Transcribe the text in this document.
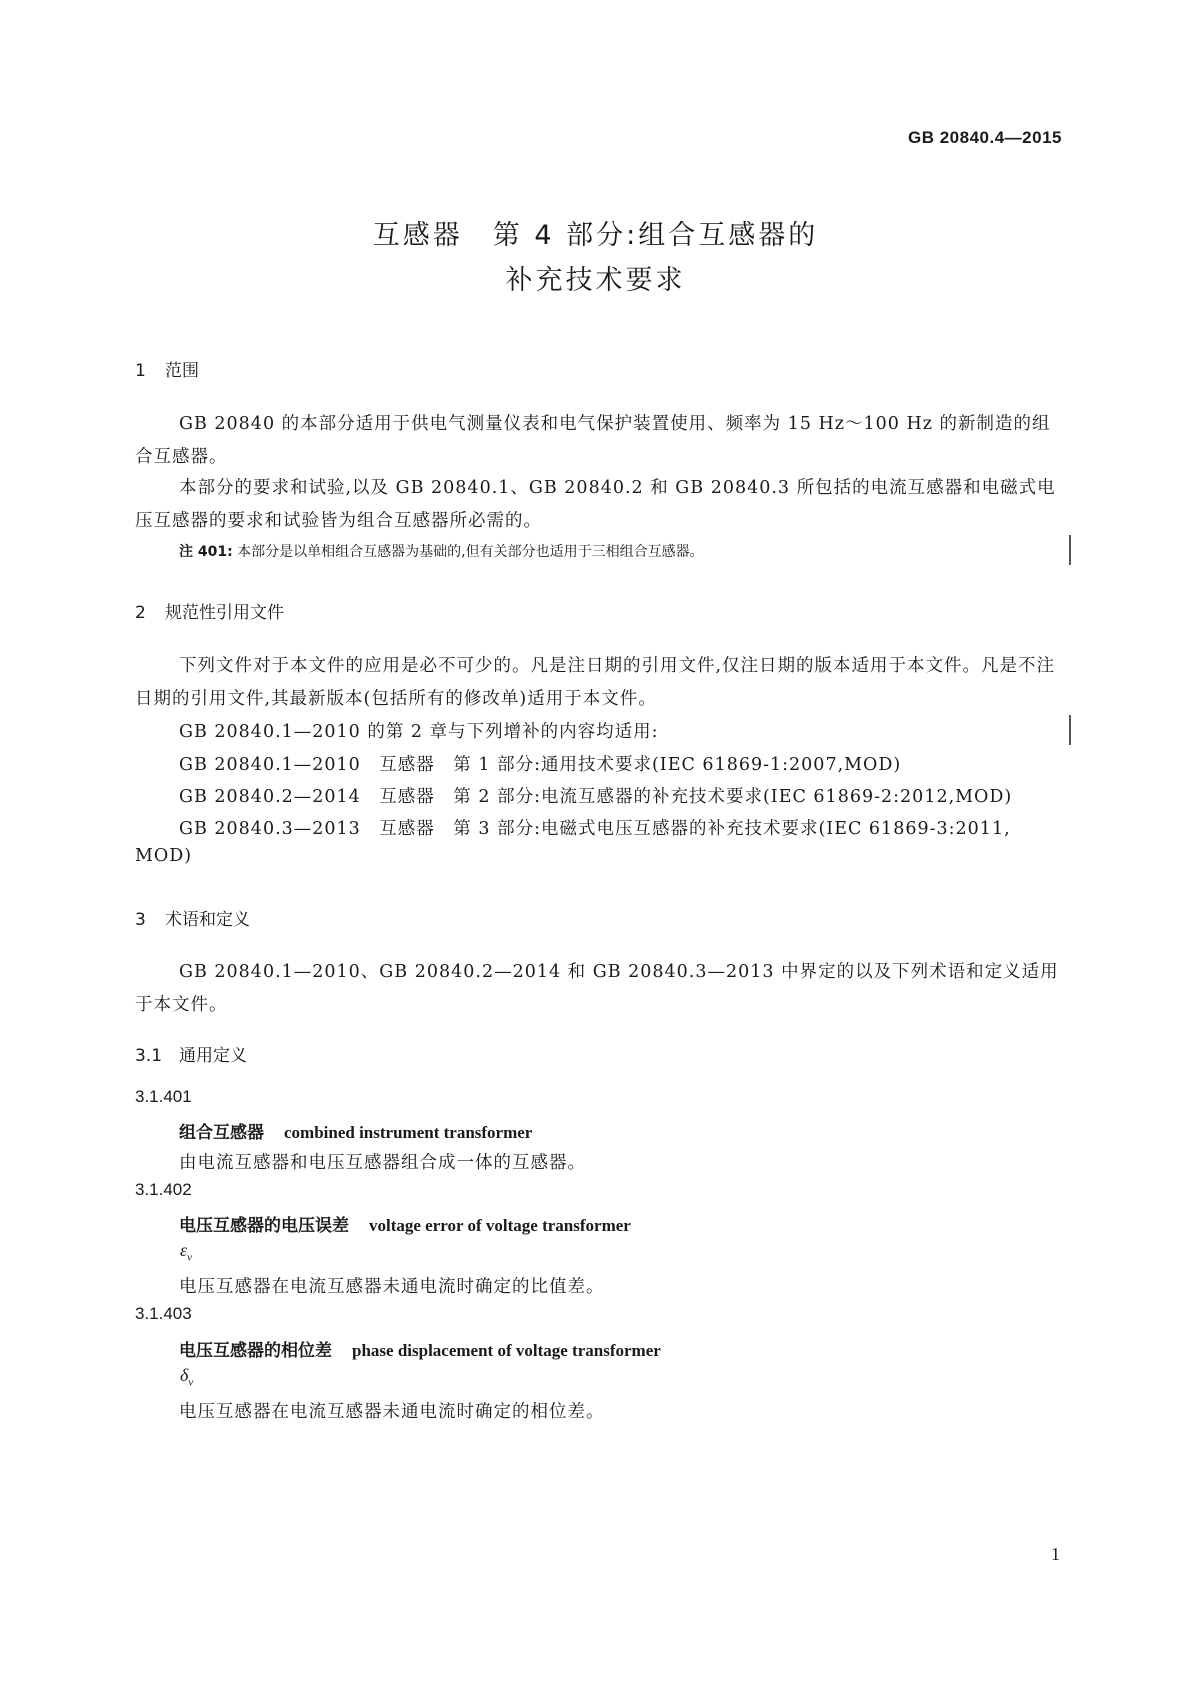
GB 20840.4—2015
互感器　第 4 部分:组合互感器的
补充技术要求
1 范围
GB 20840 的本部分适用于供电气测量仪表和电气保护装置使用、频率为 15 Hz～100 Hz 的新制造的组合互感器。
本部分的要求和试验,以及 GB 20840.1、GB 20840.2 和 GB 20840.3 所包括的电流互感器和电磁式电压互感器的要求和试验皆为组合互感器所必需的。
注 401: 本部分是以单相组合互感器为基础的,但有关部分也适用于三相组合互感器。
2 规范性引用文件
下列文件对于本文件的应用是必不可少的。凡是注日期的引用文件,仅注日期的版本适用于本文件。凡是不注日期的引用文件,其最新版本(包括所有的修改单)适用于本文件。
GB 20840.1—2010 的第 2 章与下列增补的内容均适用:
GB 20840.1—2010　互感器　第 1 部分:通用技术要求(IEC 61869-1:2007,MOD)
GB 20840.2—2014　互感器　第 2 部分:电流互感器的补充技术要求(IEC 61869-2:2012,MOD)
GB 20840.3—2013　互感器　第 3 部分:电磁式电压互感器的补充技术要求(IEC 61869-3:2011,
MOD)
3 术语和定义
GB 20840.1—2010、GB 20840.2—2014 和 GB 20840.3—2013 中界定的以及下列术语和定义适用于本文件。
3.1 通用定义
3.1.401
组合互感器 combined instrument transformer
由电流互感器和电压互感器组合成一体的互感器。
3.1.402
电压互感器的电压误差 voltage error of voltage transformer
$\varepsilon_v$
电压互感器在电流互感器未通电流时确定的比值差。
3.1.403
电压互感器的相位差 phase displacement of voltage transformer
$\delta_v$
电压互感器在电流互感器未通电流时确定的相位差。
1
